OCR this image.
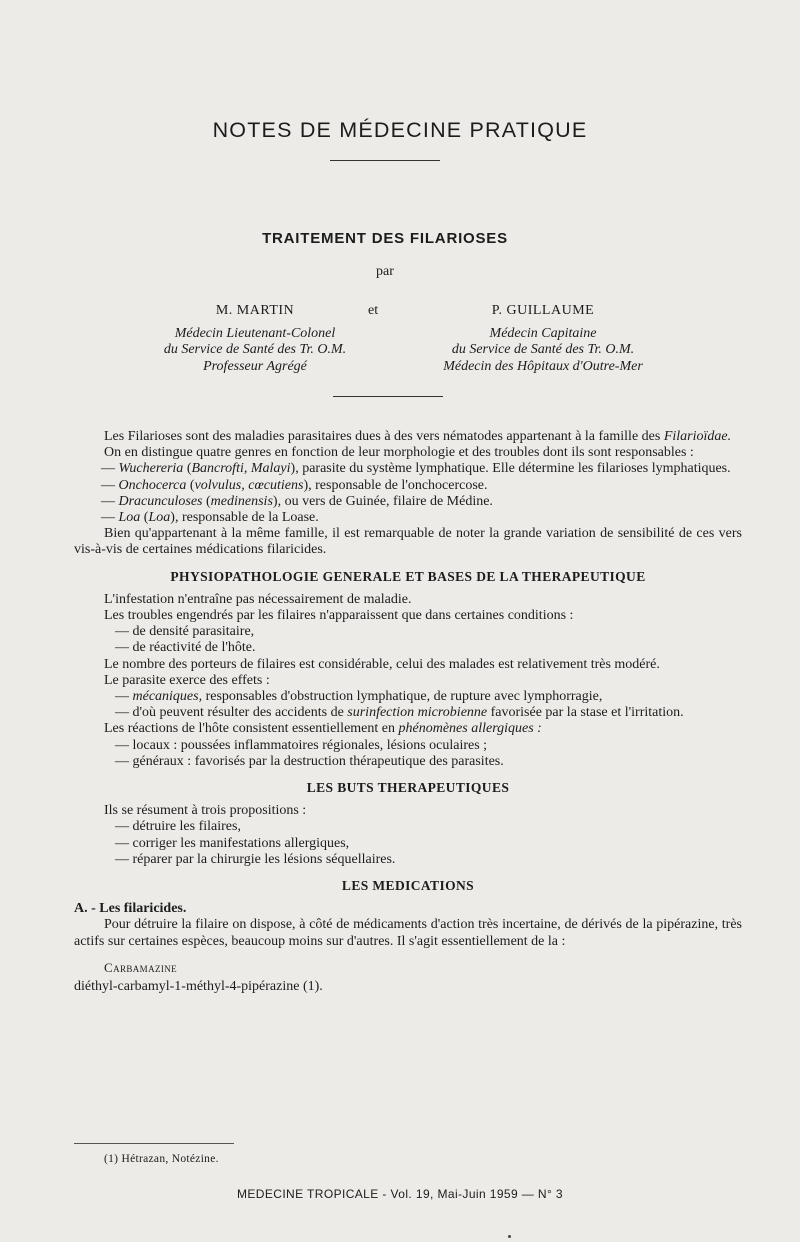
NOTES DE MÉDECINE PRATIQUE
TRAITEMENT DES FILARIOSES
par
M. MARTIN
Médecin Lieutenant-Colonel
du Service de Santé des Tr. O.M.
Professeur Agrégé
et	P. GUILLAUME
Médecin Capitaine
du Service de Santé des Tr. O.M.
Médecin des Hôpitaux d'Outre-Mer

Les Filarioses sont des maladies parasitaires dues à des vers nématodes appartenant à la famille des Filarioïdae.

On en distingue quatre genres en fonction de leur morphologie et des troubles dont ils sont responsables :

— Wuchereria (Bancrofti, Malayi), parasite du système lymphatique. Elle détermine les filarioses lymphatiques.

— Onchocerca (volvulus, cœcutiens), responsable de l'onchocercose.

— Dracunculoses (medinensis), ou vers de Guinée, filaire de Médine.

— Loa (Loa), responsable de la Loase.

Bien qu'appartenant à la même famille, il est remarquable de noter la grande variation de sensibilité de ces vers vis-à-vis de certaines médications filaricides.

PHYSIOPATHOLOGIE GENERALE ET BASES DE LA THERAPEUTIQUE

L'infestation n'entraîne pas nécessairement de maladie.

Les troubles engendrés par les filaires n'apparaissent que dans certaines conditions :

— de densité parasitaire,

— de réactivité de l'hôte.

Le nombre des porteurs de filaires est considérable, celui des malades est relativement très modéré.

Le parasite exerce des effets :

— mécaniques, responsables d'obstruction lymphatique, de rupture avec lymphorragie,

— d'où peuvent résulter des accidents de surinfection microbienne favorisée par la stase et l'irritation.

Les réactions de l'hôte consistent essentiellement en phénomènes allergiques :

— locaux : poussées inflammatoires régionales, lésions oculaires ;

— généraux : favorisés par la destruction thérapeutique des parasites.

LES BUTS THERAPEUTIQUES

Ils se résument à trois propositions :

— détruire les filaires,

— corriger les manifestations allergiques,

— réparer par la chirurgie les lésions séquellaires.

LES MEDICATIONS
A. - Les filaricides.

Pour détruire la filaire on dispose, à côté de médicaments d'action très incertaine, de dérivés de la pipérazine, très actifs sur certaines espèces, beaucoup moins sur d'autres. Il s'agit essentiellement de la :

Carbamazine

diéthyl-carbamyl-1-méthyl-4-pipérazine (1).

(1) Hétrazan, Notézine.
MEDECINE TROPICALE - Vol. 19, Mai-Juin 1959 — N° 3
